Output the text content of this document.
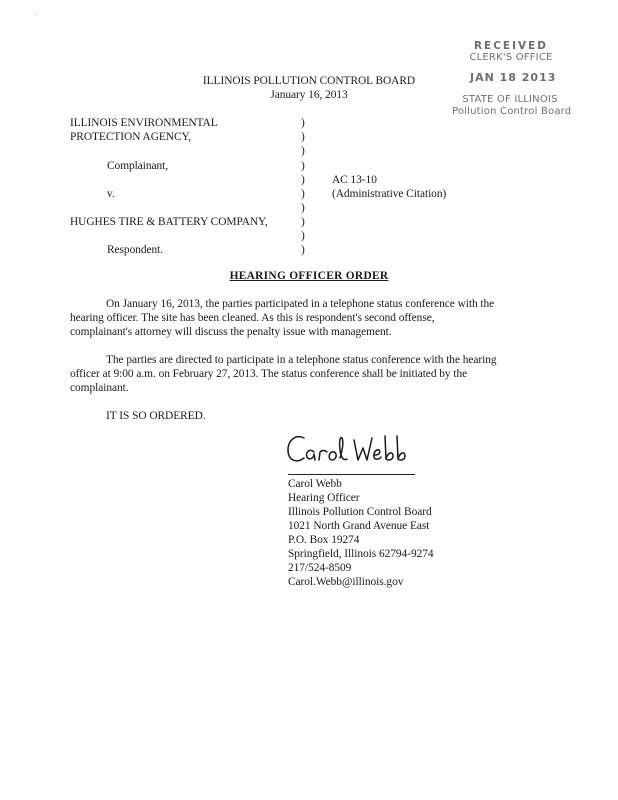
RECEIVED
CLERK'S OFFICE
JAN 18 2013
STATE OF ILLINOIS
Pollution Control Board
ILLINOIS POLLUTION CONTROL BOARD
January 16, 2013
ILLINOIS ENVIRONMENTAL
PROTECTION AGENCY,
Complainant,
v.
HUGHES TIRE & BATTERY COMPANY,
Respondent.
)
)
)
)
)
)
)
)
)
)
AC 13-10
(Administrative Citation)
HEARING OFFICER ORDER
On January 16, 2013, the parties participated in a telephone status conference with the
hearing officer. The site has been cleaned. As this is respondent's second offense,
complainant's attorney will discuss the penalty issue with management.
The parties are directed to participate in a telephone status conference with the hearing
officer at 9:00 a.m. on February 27, 2013. The status conference shall be initiated by the
complainant.
IT IS SO ORDERED.
Carol Webb
Hearing Officer
Illinois Pollution Control Board
1021 North Grand Avenue East
P.O. Box 19274
Springfield, Illinois 62794-9274
217/524-8509
Carol.Webb@illinois.gov
